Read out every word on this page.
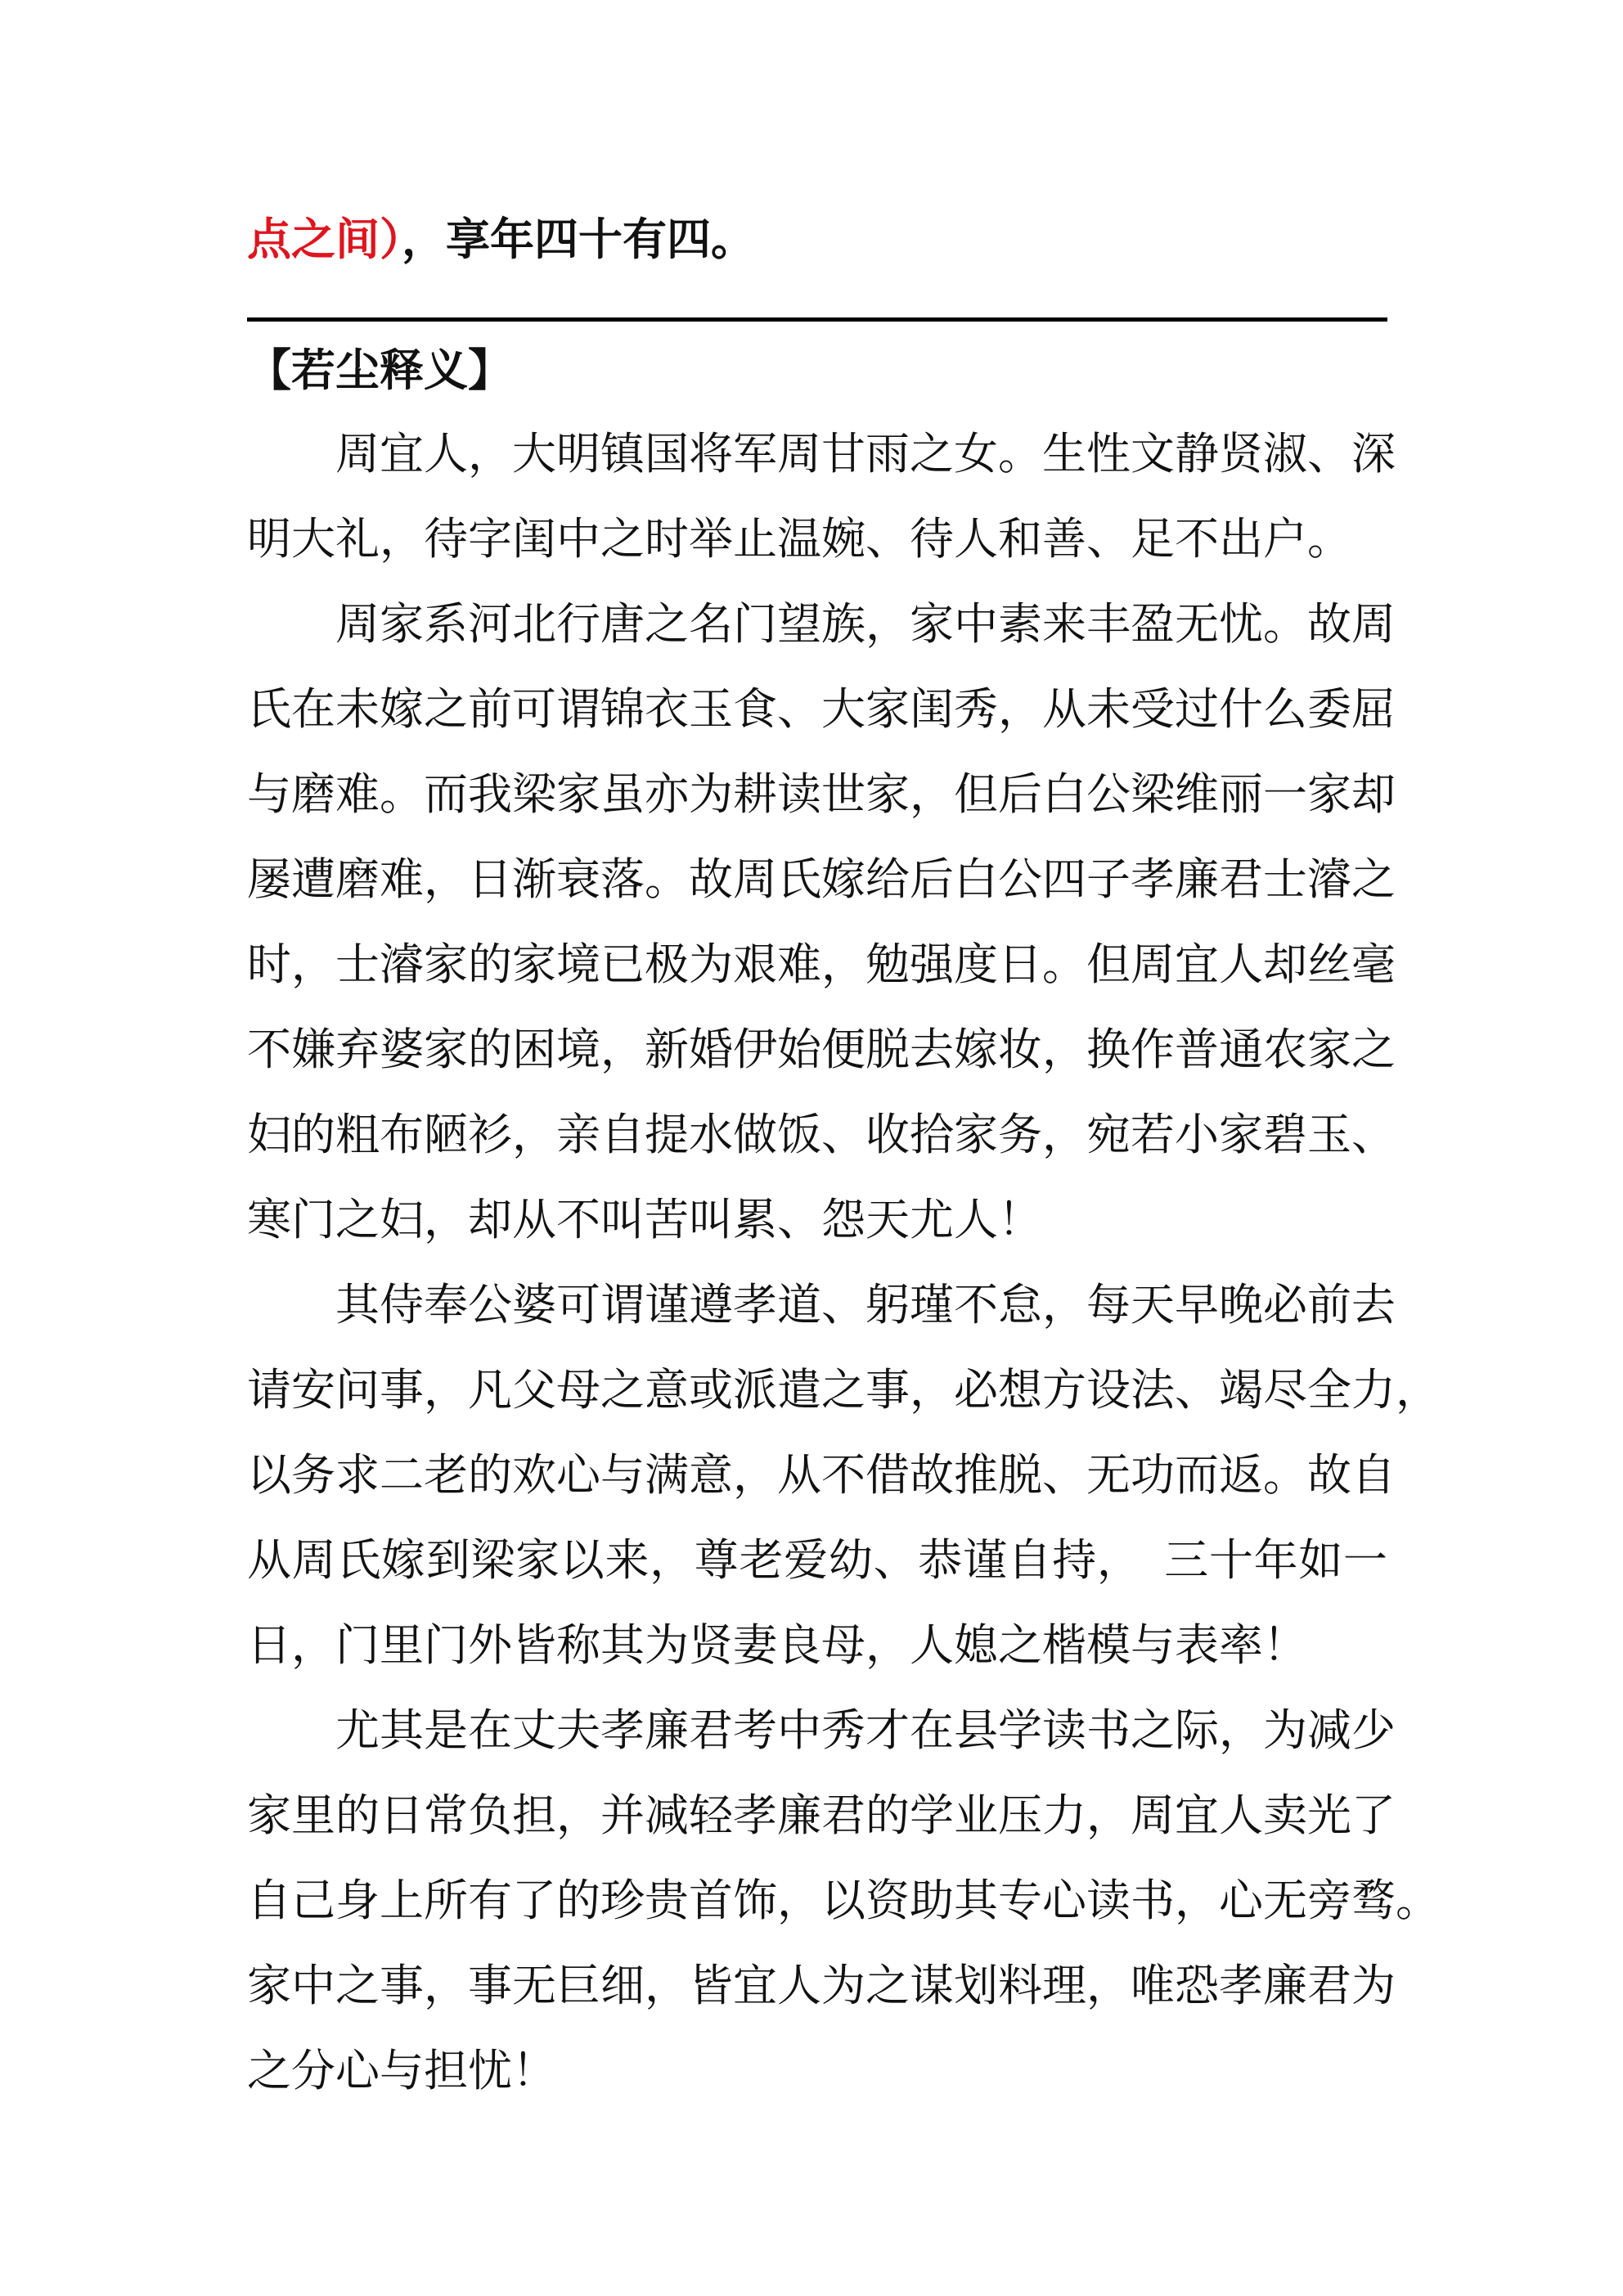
点之间），享年四十有四。
【若尘释义】
周宜人，大明镇国将军周甘雨之女。生性文静贤淑、深
明大礼，待字闺中之时举止温婉、待人和善、足不出户。
周家系河北行唐之名门望族，家中素来丰盈无忧。故周
氏在未嫁之前可谓锦衣玉食、大家闺秀，从未受过什么委屈
与磨难。而我梁家虽亦为耕读世家，但后白公梁维丽一家却
屡遭磨难，日渐衰落。故周氏嫁给后白公四子孝廉君士濬之
时，士濬家的家境已极为艰难，勉强度日。但周宜人却丝毫
不嫌弃婆家的困境，新婚伊始便脱去嫁妆，换作普通农家之
妇的粗布陋衫，亲自提水做饭、收拾家务，宛若小家碧玉、
寒门之妇，却从不叫苦叫累、怨天尤人！
其侍奉公婆可谓谨遵孝道、躬瑾不怠，每天早晚必前去
请安问事，凡父母之意或派遣之事，必想方设法、竭尽全力，
以务求二老的欢心与满意，从不借故推脱、无功而返。故自
从周氏嫁到梁家以来，尊老爱幼、恭谨自持，　三十年如一
日，门里门外皆称其为贤妻良母，人媳之楷模与表率！
尤其是在丈夫孝廉君考中秀才在县学读书之际，为减少
家里的日常负担，并减轻孝廉君的学业压力，周宜人卖光了
自己身上所有了的珍贵首饰，以资助其专心读书，心无旁骛。
家中之事，事无巨细，皆宜人为之谋划料理，唯恐孝廉君为
之分心与担忧！
